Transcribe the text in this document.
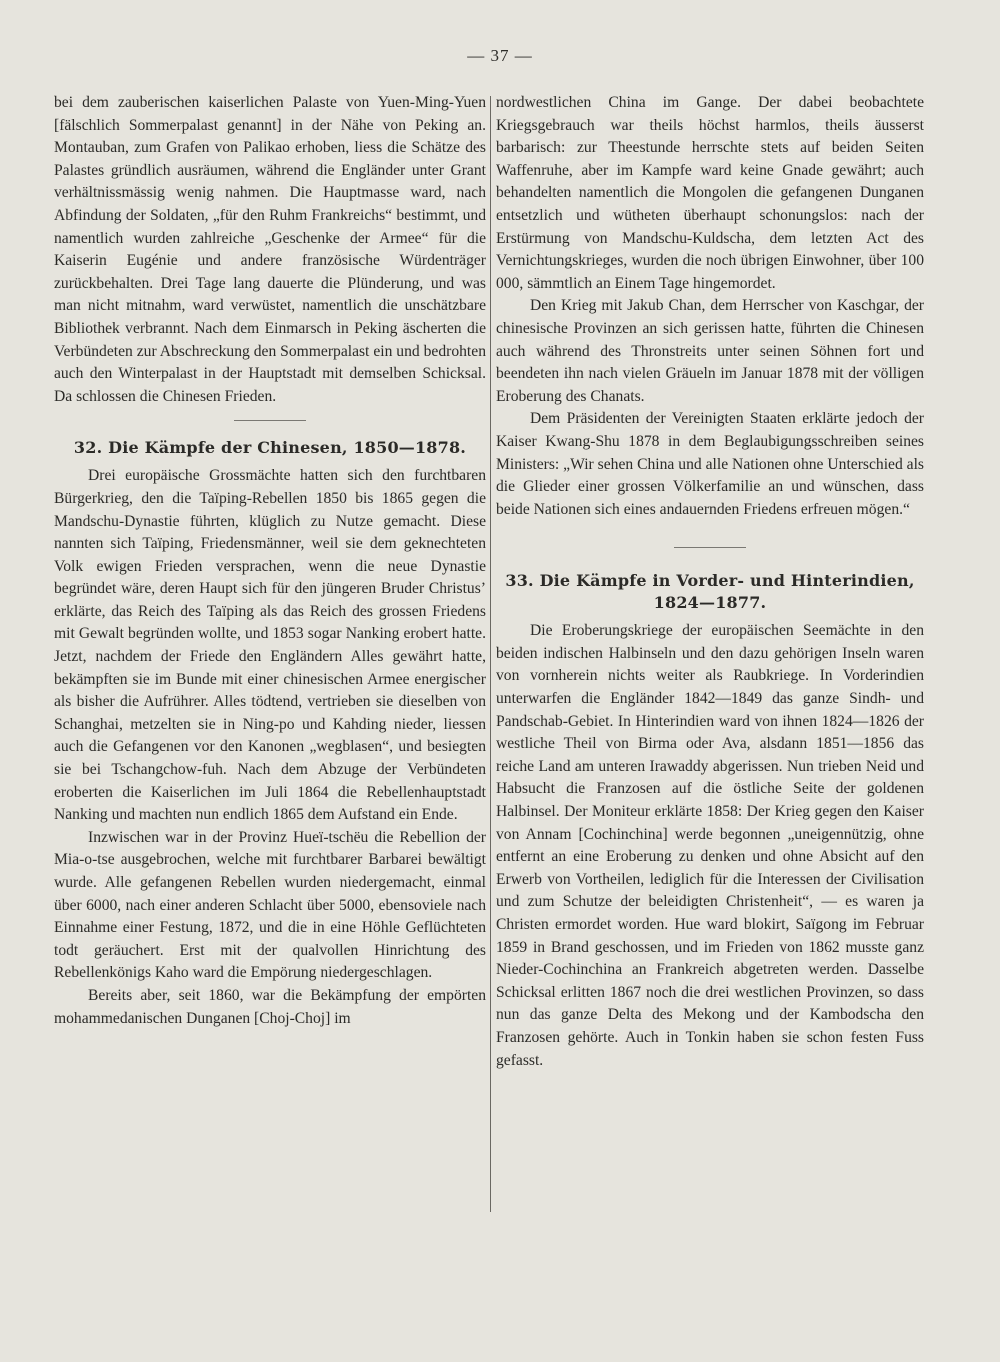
— 37 —

bei dem zauberischen kaiserlichen Palaste von Yuen-Ming-Yuen [fälschlich Sommerpalast genannt] in der Nähe von Peking an. Montauban, zum Grafen von Palikao erhoben, liess die Schätze des Palastes gründlich ausräumen, während die Engländer unter Grant verhältnissmässig wenig nahmen. Die Hauptmasse ward, nach Abfindung der Soldaten, „für den Ruhm Frankreichs“ bestimmt, und namentlich wurden zahlreiche „Geschenke der Armee“ für die Kaiserin Eugénie und andere französische Würdenträger zurückbehalten. Drei Tage lang dauerte die Plünderung, und was man nicht mitnahm, ward verwüstet, namentlich die unschätzbare Bibliothek verbrannt. Nach dem Einmarsch in Peking äscherten die Verbündeten zur Abschreckung den Sommerpalast ein und bedrohten auch den Winterpalast in der Hauptstadt mit demselben Schicksal. Da schlossen die Chinesen Frieden.

32. Die Kämpfe der Chinesen, 1850—1878.

Drei europäische Grossmächte hatten sich den furchtbaren Bürgerkrieg, den die Taïping-Rebellen 1850 bis 1865 gegen die Mandschu-Dynastie führten, klüglich zu Nutze gemacht. Diese nannten sich Taïping, Friedensmänner, weil sie dem geknechteten Volk ewigen Frieden versprachen, wenn die neue Dynastie begründet wäre, deren Haupt sich für den jüngeren Bruder Christus’ erklärte, das Reich des Taïping als das Reich des grossen Friedens mit Gewalt begründen wollte, und 1853 sogar Nanking erobert hatte. Jetzt, nachdem der Friede den Engländern Alles gewährt hatte, bekämpften sie im Bunde mit einer chinesischen Armee energischer als bisher die Aufrührer. Alles tödtend, vertrieben sie dieselben von Schanghai, metzelten sie in Ning-po und Kahding nieder, liessen auch die Gefangenen vor den Kanonen „wegblasen“, und besiegten sie bei Tschangchow-fuh. Nach dem Abzuge der Verbündeten eroberten die Kaiserlichen im Juli 1864 die Rebellenhauptstadt Nanking und machten nun endlich 1865 dem Aufstand ein Ende.

Inzwischen war in der Provinz Hueï-tschëu die Rebellion der Mia-o-tse ausgebrochen, welche mit furchtbarer Barbarei bewältigt wurde. Alle gefangenen Rebellen wurden niedergemacht, einmal über 6000, nach einer anderen Schlacht über 5000, ebensoviele nach Einnahme einer Festung, 1872, und die in eine Höhle Geflüchteten todt geräuchert. Erst mit der qualvollen Hinrichtung des Rebellenkönigs Kaho ward die Empörung niedergeschlagen.

Bereits aber, seit 1860, war die Bekämpfung der empörten mohammedanischen Dunganen [Choj-Choj] im

nordwestlichen China im Gange. Der dabei beobachtete Kriegsgebrauch war theils höchst harmlos, theils äusserst barbarisch: zur Theestunde herrschte stets auf beiden Seiten Waffenruhe, aber im Kampfe ward keine Gnade gewährt; auch behandelten namentlich die Mongolen die gefangenen Dunganen entsetzlich und wütheten überhaupt schonungslos: nach der Erstürmung von Mandschu-Kuldscha, dem letzten Act des Vernichtungskrieges, wurden die noch übrigen Einwohner, über 100 000, sämmtlich an Einem Tage hingemordet.

Den Krieg mit Jakub Chan, dem Herrscher von Kaschgar, der chinesische Provinzen an sich gerissen hatte, führten die Chinesen auch während des Thronstreits unter seinen Söhnen fort und beendeten ihn nach vielen Gräueln im Januar 1878 mit der völligen Eroberung des Chanats.

Dem Präsidenten der Vereinigten Staaten erklärte jedoch der Kaiser Kwang-Shu 1878 in dem Beglaubigungsschreiben seines Ministers: „Wir sehen China und alle Nationen ohne Unterschied als die Glieder einer grossen Völkerfamilie an und wünschen, dass beide Nationen sich eines andauernden Friedens erfreuen mögen.“

33. Die Kämpfe in Vorder- und Hinterindien,
1824—1877.

Die Eroberungskriege der europäischen Seemächte in den beiden indischen Halbinseln und den dazu gehörigen Inseln waren von vornherein nichts weiter als Raubkriege. In Vorderindien unterwarfen die Engländer 1842—1849 das ganze Sindh- und Pandschab-Gebiet. In Hinterindien ward von ihnen 1824—1826 der westliche Theil von Birma oder Ava, alsdann 1851—1856 das reiche Land am unteren Irawaddy abgerissen. Nun trieben Neid und Habsucht die Franzosen auf die östliche Seite der goldenen Halbinsel. Der Moniteur erklärte 1858: Der Krieg gegen den Kaiser von Annam [Cochinchina] werde begonnen „uneigennützig, ohne entfernt an eine Eroberung zu denken und ohne Absicht auf den Erwerb von Vortheilen, lediglich für die Interessen der Civilisation und zum Schutze der beleidigten Christenheit“, — es waren ja Christen ermordet worden. Hue ward blokirt, Saïgong im Februar 1859 in Brand geschossen, und im Frieden von 1862 musste ganz Nieder-Cochinchina an Frankreich abgetreten werden. Dasselbe Schicksal erlitten 1867 noch die drei westlichen Provinzen, so dass nun das ganze Delta des Mekong und der Kambodscha den Franzosen gehörte. Auch in Tonkin haben sie schon festen Fuss gefasst.
